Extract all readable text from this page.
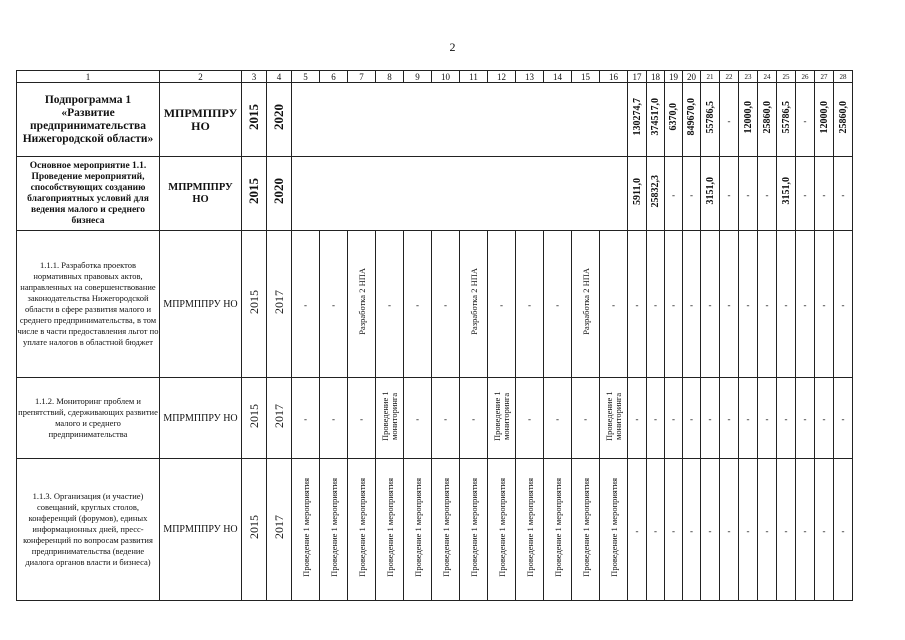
2
1	2	3	4	5	6	7	8	9	10	11	12	13	14	15	16	17	18	19	20	21	22	23	24	25	26	27	28
Подпрограмма 1 «Развитие предпринимательства Нижегородской области»	МПРМППРУ НО	2015	2020													130274,7	374517,0	6370,0	849670,0	55786,5	-	12000,0	25860,0	55786,5	-	12000,0	25860,0
Основное мероприятие 1.1. Проведение мероприятий, способствующих созданию благоприятных условий для ведения малого и среднего бизнеса	МПРМППРУ НО	2015	2020													5911,0	25832,3	-	-	3151,0	-	-	-	3151,0	-	-	-
1.1.1. Разработка проектов нормативных правовых актов, направленных на совершенствование законодательства Нижегородской области в сфере развития малого и среднего предпринимательства, в том числе в части предоставления льгот по уплате налогов в областной бюджет	МПРМППРУ НО	2015	2017	-	-	Разработка 2 НПА	-	-	-	Разработка 2 НПА	-	-	-	Разработка 2 НПА	-	-	-	-	-	-	-	-	-	-	-	-	-
1.1.2. Мониторинг проблем и препятствий, сдерживающих развитие малого и среднего предпринимательства	МПРМППРУ НО	2015	2017	-	-	-	Проведение 1 мониторинга	-	-	-	Проведение 1 мониторинга	-	-	-	Проведение 1 мониторинга	-	-	-	-	-	-	-	-	-	-	-	-
1.1.3. Организация (и участие) совещаний, круглых столов, конференций (форумов), единых информационных дней, пресс-конференций по вопросам развития предпринимательства (ведение диалога органов власти и бизнеса)	МПРМППРУ НО	2015	2017	Проведение 1 мероприятия	Проведение 1 мероприятия	Проведение 1 мероприятия	Проведение 1 мероприятия	Проведение 1 мероприятия	Проведение 1 мероприятия	Проведение 1 мероприятия	Проведение 1 мероприятия	Проведение 1 мероприятия	Проведение 1 мероприятия	Проведение 1 мероприятия	Проведение 1 мероприятия	-	-	-	-	-	-	-	-	-	-	-	-
